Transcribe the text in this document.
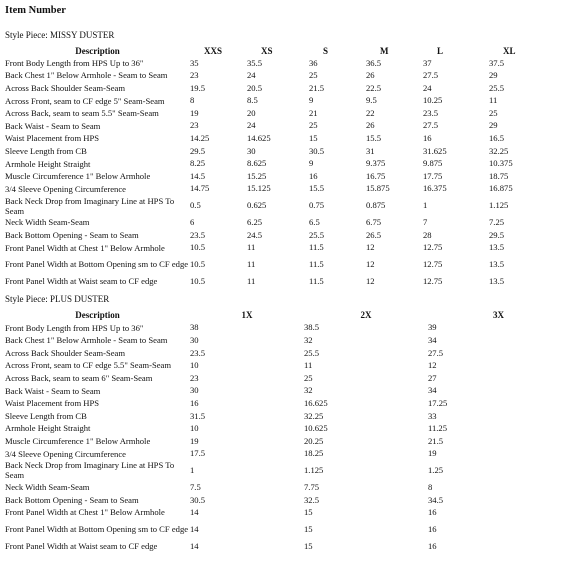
Item Number
Style Piece: MISSY DUSTER
Description	XXS	XS	S	M	L	XL
Front Body Length from HPS Up to 36"	35	35.5	36	36.5	37	37.5
Back Chest 1" Below Armhole - Seam to Seam	23	24	25	26	27.5	29
Across Back Shoulder Seam-Seam	19.5	20.5	21.5	22.5	24	25.5
Across Front, seam to CF edge 5" Seam-Seam	8	8.5	9	9.5	10.25	11
Across Back, seam to seam 5.5" Seam-Seam	19	20	21	22	23.5	25
Back Waist - Seam to Seam	23	24	25	26	27.5	29
Waist Placement from HPS	14.25	14.625	15	15.5	16	16.5
Sleeve Length from CB	29.5	30	30.5	31	31.625	32.25
Armhole Height Straight	8.25	8.625	9	9.375	9.875	10.375
Muscle Circumference 1" Below Armhole	14.5	15.25	16	16.75	17.75	18.75
3/4 Sleeve Opening Circumference	14.75	15.125	15.5	15.875	16.375	16.875
Back Neck Drop from Imaginary Line at HPS To Seam	0.5	0.625	0.75	0.875	1	1.125
Neck Width Seam-Seam	6	6.25	6.5	6.75	7	7.25
Back Bottom Opening - Seam to Seam	23.5	24.5	25.5	26.5	28	29.5
Front Panel Width at Chest 1" Below Armhole	10.5	11	11.5	12	12.75	13.5
Front Panel Width at Bottom Opening sm to CF edge	10.5	11	11.5	12	12.75	13.5
Front Panel Width at Waist seam to CF edge	10.5	11	11.5	12	12.75	13.5
Style Piece: PLUS DUSTER
Description	1X	2X	3X
Front Body Length from HPS Up to 36"	38	38.5	39
Back Chest 1" Below Armhole - Seam to Seam	30	32	34
Across Back Shoulder Seam-Seam	23.5	25.5	27.5
Across Front, seam to CF edge 5.5" Seam-Seam	10	11	12
Across Back, seam to seam 6" Seam-Seam	23	25	27
Back Waist - Seam to Seam	30	32	34
Waist Placement from HPS	16	16.625	17.25
Sleeve Length from CB	31.5	32.25	33
Armhole Height Straight	10	10.625	11.25
Muscle Circumference 1" Below Armhole	19	20.25	21.5
3/4 Sleeve Opening Circumference	17.5	18.25	19
Back Neck Drop from Imaginary Line at HPS To Seam	1	1.125	1.25
Neck Width Seam-Seam	7.5	7.75	8
Back Bottom Opening - Seam to Seam	30.5	32.5	34.5
Front Panel Width at Chest 1" Below Armhole	14	15	16
Front Panel Width at Bottom Opening sm to CF edge	14	15	16
Front Panel Width at Waist seam to CF edge	14	15	16
